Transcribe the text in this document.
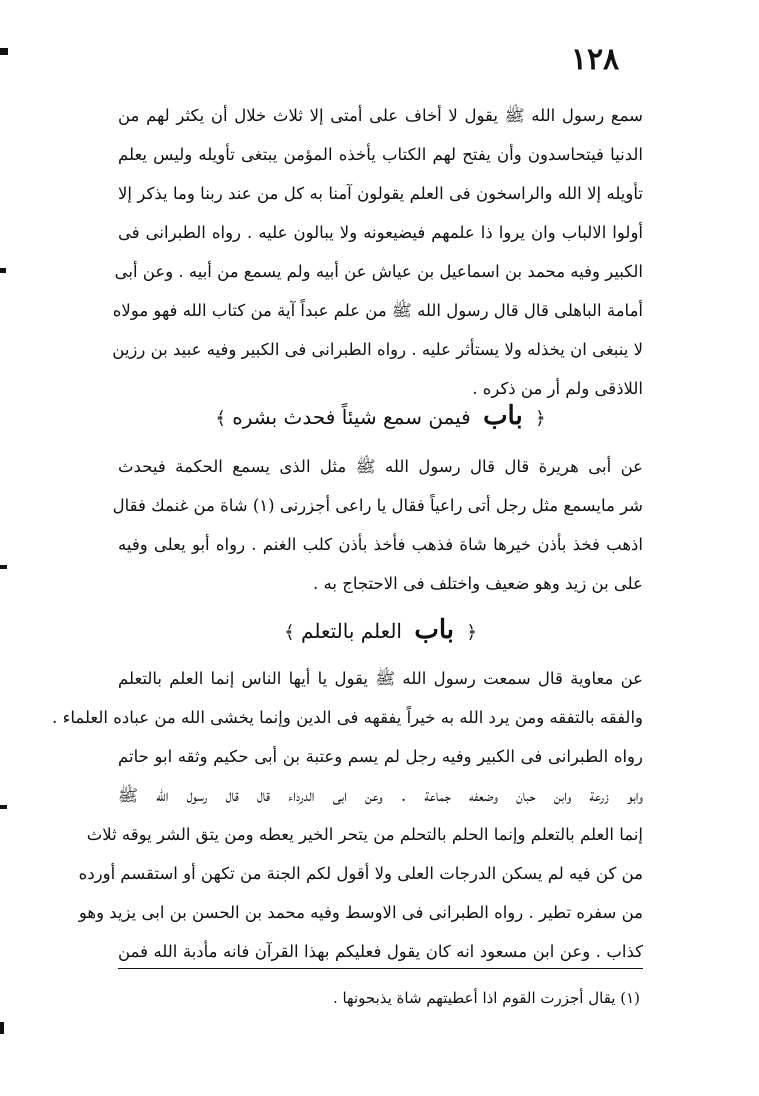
١٢٨
سمع رسول الله ﷺ يقول لا أخاف على أمتى إلا ثلاث خلال أن يكثر لهم من
الدنيا فيتحاسدون وأن يفتح لهم الكتاب يأخذه المؤمن يبتغى تأويله وليس يعلم
تأويله إلا الله والراسخون فى العلم يقولون آمنا به كل من عند ربنا وما يذكر إلا
أولوا الالباب وان يروا ذا علمهم فيضيعونه ولا يبالون عليه . رواه الطبرانى فى
الكبير وفيه محمد بن اسماعيل بن عياش عن أبيه ولم يسمع من أبيه . وعن أبى
أمامة الباهلى قال قال رسول الله ﷺ من علم عبداً آية من كتاب الله فهو مولاه
لا ينبغى ان يخذله ولا يستأثر عليه . رواه الطبرانى فى الكبير وفيه عبيد بن رزين
اللاذقى ولم أر من ذكره .
﴿ باب فيمن سمع شيئاً فحدث بشره ﴾
عن أبى هريرة قال قال رسول الله ﷺ مثل الذى يسمع الحكمة فيحدث
شر مايسمع مثل رجل أتى راعياً فقال يا راعى أجزرنى (١) شاة من غنمك فقال
اذهب فخذ بأذن خيرها شاة فذهب فأخذ بأذن كلب الغنم . رواه أبو يعلى وفيه
على بن زيد وهو ضعيف واختلف فى الاحتجاج به .
﴿ باب العلم بالتعلم ﴾
عن معاوية قال سمعت رسول الله ﷺ يقول يا أيها الناس إنما العلم بالتعلم
والفقه بالتفقه ومن يرد الله به خيراً يفقهه فى الدين وإنما يخشى الله من عباده العلماء .
رواه الطبرانى فى الكبير وفيه رجل لم يسم وعتبة بن أبى حكيم وثقه ابو حاتم
وابو زرعة وابن حبان وضعفه جماعة . وعن ابى الدرداء قال قال رسول الله ﷺ
إنما العلم بالتعلم وإنما الحلم بالتحلم من يتحر الخير يعطه ومن يتق الشر يوقه ثلاث
من كن فيه لم يسكن الدرجات العلى ولا أقول لكم الجنة من تكهن أو استقسم أورده
من سفره تطير . رواه الطبرانى فى الاوسط وفيه محمد بن الحسن بن ابى يزيد وهو
كذاب . وعن ابن مسعود انه كان يقول فعليكم بهذا القرآن فانه مأدبة الله فمن
(١) يقال أجزرت القوم اذا أعطيتهم شاة يذبحونها .
